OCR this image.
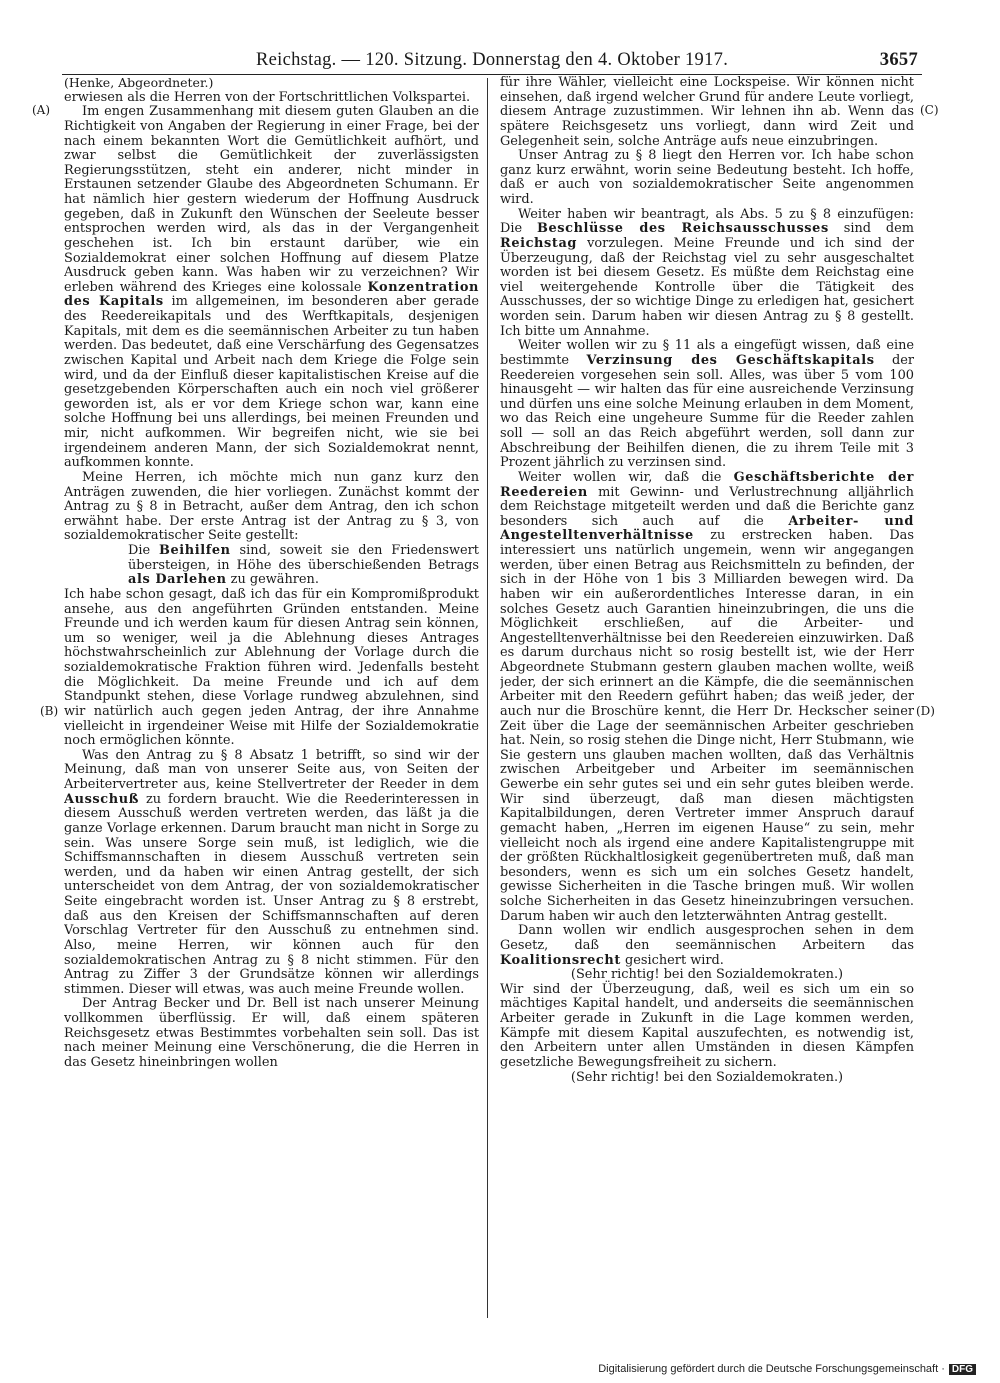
Reichstag. — 120. Sitzung. Donnerstag den 4. Oktober 1917.	3657
(A)
(B)
(C)
(D)

(Henke, Abgeordneter.)

erwiesen als die Herren von der Fortschrittlichen Volkspartei.

Im engen Zusammenhang mit diesem guten Glauben an die Richtigkeit von Angaben der Regierung in einer Frage, bei der nach einem bekannten Wort die Gemütlichkeit aufhört, und zwar selbst die Gemütlichkeit der zuverlässigsten Regierungsstützen, steht ein anderer, nicht minder in Erstaunen setzender Glaube des Abgeordneten Schumann. Er hat nämlich hier gestern wiederum der Hoffnung Ausdruck gegeben, daß in Zukunft den Wünschen der Seeleute besser entsprochen werden wird, als das in der Vergangenheit geschehen ist. Ich bin erstaunt darüber, wie ein Sozialdemokrat einer solchen Hoffnung auf diesem Platze Ausdruck geben kann. Was haben wir zu verzeichnen? Wir erleben während des Krieges eine kolossale Konzentration des Kapitals im allgemeinen, im besonderen aber gerade des Reedereikapitals und des Werftkapitals, desjenigen Kapitals, mit dem es die seemännischen Arbeiter zu tun haben werden. Das bedeutet, daß eine Verschärfung des Gegensatzes zwischen Kapital und Arbeit nach dem Kriege die Folge sein wird, und da der Einfluß dieser kapitalistischen Kreise auf die gesetzgebenden Körperschaften auch ein noch viel größerer geworden ist, als er vor dem Kriege schon war, kann eine solche Hoffnung bei uns allerdings, bei meinen Freunden und mir, nicht aufkommen. Wir begreifen nicht, wie sie bei irgendeinem anderen Mann, der sich Sozialdemokrat nennt, aufkommen konnte.

Meine Herren, ich möchte mich nun ganz kurz den Anträgen zuwenden, die hier vorliegen. Zunächst kommt der Antrag zu § 8 in Betracht, außer dem Antrag, den ich schon erwähnt habe. Der erste Antrag ist der Antrag zu § 3, von sozialdemokratischer Seite gestellt:

Die Beihilfen sind, soweit sie den Friedenswert übersteigen, in Höhe des überschießenden Betrags als Darlehen zu gewähren.

Ich habe schon gesagt, daß ich das für ein Kompromißprodukt ansehe, aus den angeführten Gründen entstanden. Meine Freunde und ich werden kaum für diesen Antrag sein können, um so weniger, weil ja die Ablehnung dieses Antrages höchstwahrscheinlich zur Ablehnung der Vorlage durch die sozialdemokratische Fraktion führen wird. Jedenfalls besteht die Möglichkeit. Da meine Freunde und ich auf dem Standpunkt stehen, diese Vorlage rundweg abzulehnen, sind wir natürlich auch gegen jeden Antrag, der ihre Annahme vielleicht in irgendeiner Weise mit Hilfe der Sozialdemokratie noch ermöglichen könnte.

Was den Antrag zu § 8 Absatz 1 betrifft, so sind wir der Meinung, daß man von unserer Seite aus, von Seiten der Arbeitervertreter aus, keine Stellvertreter der Reeder in dem Ausschuß zu fordern braucht. Wie die Reederinteressen in diesem Ausschuß werden vertreten werden, das läßt ja die ganze Vorlage erkennen. Darum braucht man nicht in Sorge zu sein. Was unsere Sorge sein muß, ist lediglich, wie die Schiffsmannschaften in diesem Ausschuß vertreten sein werden, und da haben wir einen Antrag gestellt, der sich unterscheidet von dem Antrag, der von sozialdemokratischer Seite eingebracht worden ist. Unser Antrag zu § 8 erstrebt, daß aus den Kreisen der Schiffsmannschaften auf deren Vorschlag Vertreter für den Ausschuß zu entnehmen sind. Also, meine Herren, wir können auch für den sozialdemokratischen Antrag zu § 8 nicht stimmen. Für den Antrag zu Ziffer 3 der Grundsätze können wir allerdings stimmen. Dieser will etwas, was auch meine Freunde wollen.

Der Antrag Becker und Dr. Bell ist nach unserer Meinung vollkommen überflüssig. Er will, daß einem späteren Reichsgesetz etwas Bestimmtes vorbehalten sein soll. Das ist nach meiner Meinung eine Verschönerung, die die Herren in das Gesetz hineinbringen wollen

für ihre Wähler, vielleicht eine Lockspeise. Wir können nicht einsehen, daß irgend welcher Grund für andere Leute vorliegt, diesem Antrage zuzustimmen. Wir lehnen ihn ab. Wenn das spätere Reichsgesetz uns vorliegt, dann wird Zeit und Gelegenheit sein, solche Anträge aufs neue einzubringen.

Unser Antrag zu § 8 liegt den Herren vor. Ich habe schon ganz kurz erwähnt, worin seine Bedeutung besteht. Ich hoffe, daß er auch von sozialdemokratischer Seite angenommen wird.

Weiter haben wir beantragt, als Abs. 5 zu § 8 einzufügen: Die Beschlüsse des Reichsausschusses sind dem Reichstag vorzulegen. Meine Freunde und ich sind der Überzeugung, daß der Reichstag viel zu sehr ausgeschaltet worden ist bei diesem Gesetz. Es müßte dem Reichstag eine viel weitergehende Kontrolle über die Tätigkeit des Ausschusses, der so wichtige Dinge zu erledigen hat, gesichert worden sein. Darum haben wir diesen Antrag zu § 8 gestellt. Ich bitte um Annahme.

Weiter wollen wir zu § 11 als a eingefügt wissen, daß eine bestimmte Verzinsung des Geschäftskapitals der Reedereien vorgesehen sein soll. Alles, was über 5 vom 100 hinausgeht — wir halten das für eine ausreichende Verzinsung und dürfen uns eine solche Meinung erlauben in dem Moment, wo das Reich eine ungeheure Summe für die Reeder zahlen soll — soll an das Reich abgeführt werden, soll dann zur Abschreibung der Beihilfen dienen, die zu ihrem Teile mit 3 Prozent jährlich zu verzinsen sind.

Weiter wollen wir, daß die Geschäftsberichte der Reedereien mit Gewinn- und Verlustrechnung alljährlich dem Reichstage mitgeteilt werden und daß die Berichte ganz besonders sich auch auf die Arbeiter- und Angestelltenverhältnisse zu erstrecken haben. Das interessiert uns natürlich ungemein, wenn wir angegangen werden, über einen Betrag aus Reichsmitteln zu befinden, der sich in der Höhe von 1 bis 3 Milliarden bewegen wird. Da haben wir ein außerordentliches Interesse daran, in ein solches Gesetz auch Garantien hineinzubringen, die uns die Möglichkeit erschließen, auf die Arbeiter- und Angestelltenverhältnisse bei den Reedereien einzuwirken. Daß es darum durchaus nicht so rosig bestellt ist, wie der Herr Abgeordnete Stubmann gestern glauben machen wollte, weiß jeder, der sich erinnert an die Kämpfe, die die seemännischen Arbeiter mit den Reedern geführt haben; das weiß jeder, der auch nur die Broschüre kennt, die Herr Dr. Heckscher seiner Zeit über die Lage der seemännischen Arbeiter geschrieben hat. Nein, so rosig stehen die Dinge nicht, Herr Stubmann, wie Sie gestern uns glauben machen wollten, daß das Verhältnis zwischen Arbeitgeber und Arbeiter im seemännischen Gewerbe ein sehr gutes sei und ein sehr gutes bleiben werde. Wir sind überzeugt, daß man diesen mächtigsten Kapitalbildungen, deren Vertreter immer Anspruch darauf gemacht haben, „Herren im eigenen Hause“ zu sein, mehr vielleicht noch als irgend eine andere Kapitalistengruppe mit der größten Rückhaltlosigkeit gegenübertreten muß, daß man besonders, wenn es sich um ein solches Gesetz handelt, gewisse Sicherheiten in die Tasche bringen muß. Wir wollen solche Sicherheiten in das Gesetz hineinzubringen versuchen. Darum haben wir auch den letzterwähnten Antrag gestellt.

Dann wollen wir endlich ausgesprochen sehen in dem Gesetz, daß den seemännischen Arbeitern das Koalitionsrecht gesichert wird.

(Sehr richtig! bei den Sozialdemokraten.)

Wir sind der Überzeugung, daß, weil es sich um ein so mächtiges Kapital handelt, und anderseits die seemännischen Arbeiter gerade in Zukunft in die Lage kommen werden, Kämpfe mit diesem Kapital auszufechten, es notwendig ist, den Arbeitern unter allen Umständen in diesen Kämpfen gesetzliche Bewegungsfreiheit zu sichern.

(Sehr richtig! bei den Sozialdemokraten.)

Digitalisierung gefördert durch die Deutsche Forschungsgemeinschaft · DFG
